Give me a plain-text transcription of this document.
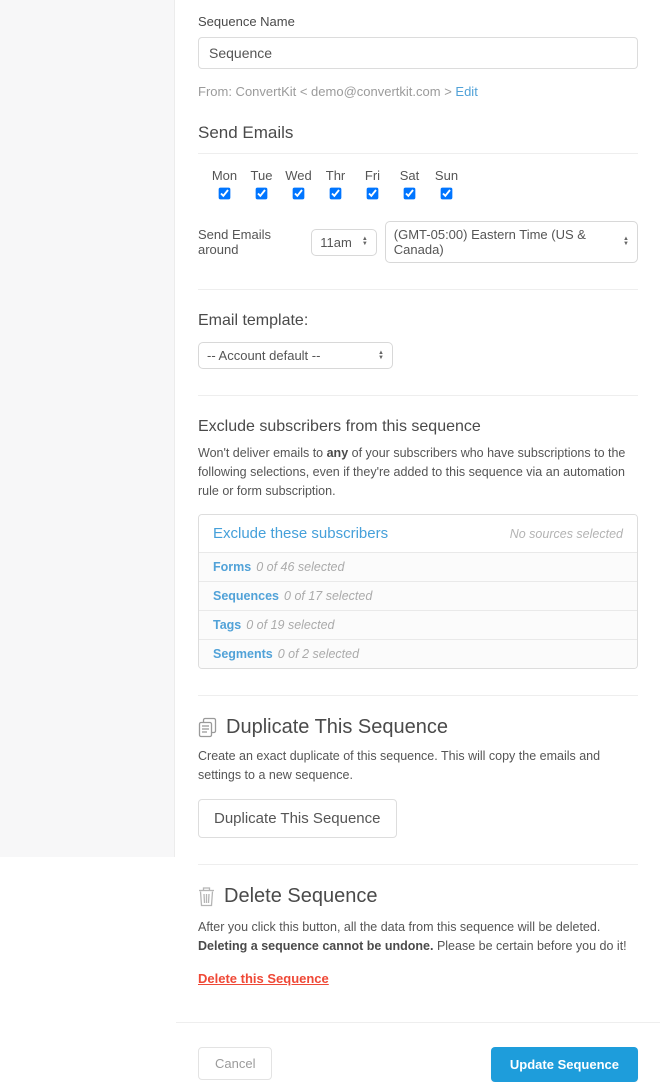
Sequence Name
Sequence
From: ConvertKit < demo@convertkit.com > Edit
Send Emails
Mon	Tue Wed	Thr	Fri	Sat	Sun
Send Emails around	11am ▲
▼
(GMT-05:00) Eastern Time (US & Canada)
▲
▼
Email template:
-- Account default --	▲
▼
Exclude subscribers from this sequence

Won't deliver emails to any of your subscribers who have subscriptions to the following selections, even if they're added to this sequence via an automation rule or form subscription.

Exclude these subscribers	No sources selected
Forms 0 of 46 selected
Sequences 0 of 17 selected
Tags 0 of 19 selected
Segments 0 of 2 selected
Duplicate This Sequence

Create an exact duplicate of this sequence. This will copy the emails and settings to a new sequence.

Duplicate This Sequence
Delete Sequence

After you click this button, all the data from this sequence will be deleted.
Deleting a sequence cannot be undone. Please be certain before you do it!

Delete this Sequence
Cancel	Update Sequence
